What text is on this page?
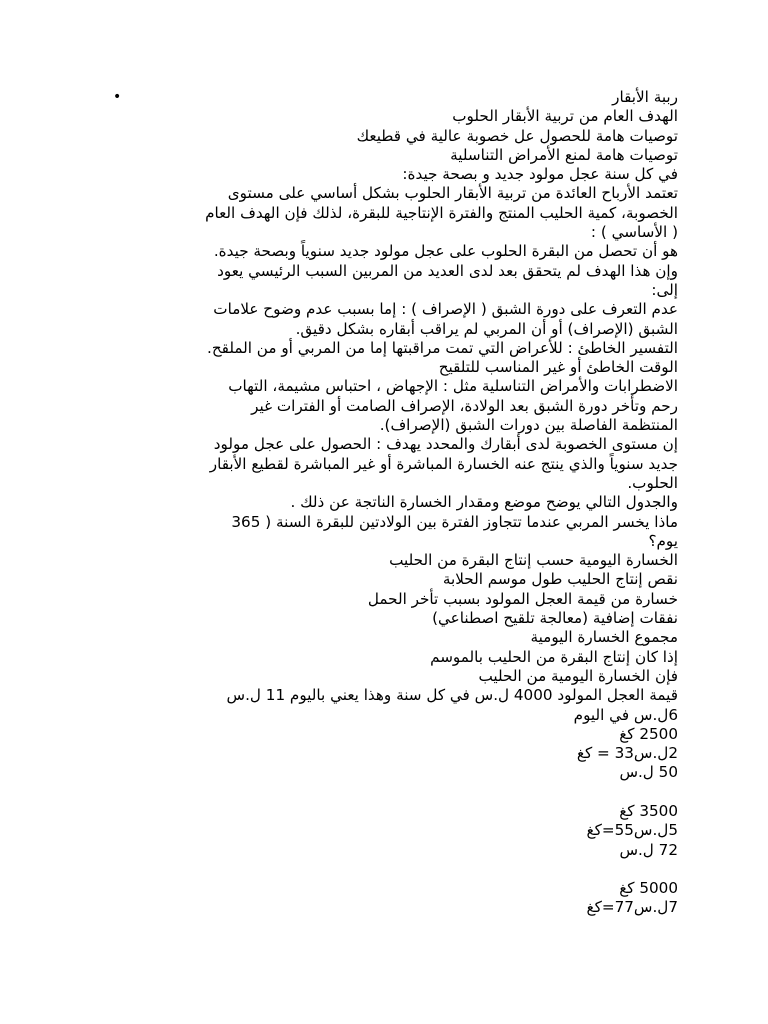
•	رببة الأبقار
الهدف العام من تربية الأبقار الحلوب
توصيات هامة للحصول عل خصوبة عالية في قطيعك
توصيات هامة لمنع الأمراض التناسلية
في كل سنة عجل مولود جديد و بصحة جيدة:
تعتمد الأرباح العائدة من تربية الأبقار الحلوب بشكل أساسي على مستوى
الخصوبة، كمية الحليب المنتج والفترة الإنتاجية للبقرة، لذلك فإن الهدف العام
( الأساسي ) :
هو أن تحصل من البقرة الحلوب على عجل مولود جديد سنوياً وبصحة جيدة.
وإن هذا الهدف لم يتحقق بعد لدى العديد من المربين السبب الرئيسي يعود
إلى:
عدم التعرف على دورة الشبق ( الإصراف ) : إما بسبب عدم وضوح علامات
الشبق (الإصراف) أو أن المربي لم يراقب أبقاره بشكل دقيق.
التفسير الخاطئ : للأعراض التي تمت مراقبتها إما من المربي أو من الملقح.
الوقت الخاطئ أو غير المناسب للتلقيح
الاضطرابات والأمراض التناسلية مثل : الإجهاض ، احتباس مشيمة، التهاب
رحم وتأخر دورة الشبق بعد الولادة، الإصراف الصامت أو الفترات غير
المنتظمة الفاصلة بين دورات الشبق (الإصراف).
إن مستوى الخصوبة لدى أبقارك والمحدد يهدف : الحصول على عجل مولود
جديد سنوياً والذي ينتج عنه الخسارة المباشرة أو غير المباشرة لقطيع الأبقار
الحلوب.
والجدول التالي يوضح موضع ومقدار الخسارة الناتجة عن ذلك .
ماذا يخسر المربي عندما تتجاوز الفترة بين الولادتين للبقرة السنة ( 365
يوم؟
الخسارة اليومية حسب إنتاج البقرة من الحليب
نقص إنتاج الحليب طول موسم الحلابة
خسارة من قيمة العجل المولود بسبب تأخر الحمل
نفقات إضافية (معالجة تلقيح اصطناعي)
مجموع الخسارة اليومية
إذا كان إنتاج البقرة من الحليب بالموسم
فإن الخسارة اليومية من الحليب
قيمة العجل المولود 4000 ل.س في كل سنة وهذا يعني باليوم 11 ل.س
6ل.س في اليوم
2500 كغ
2ل.س33 = كغ
50 ل.س
3500 كغ
5ل.س55=كغ
72 ل.س
5000 كغ
7ل.س77=كغ
